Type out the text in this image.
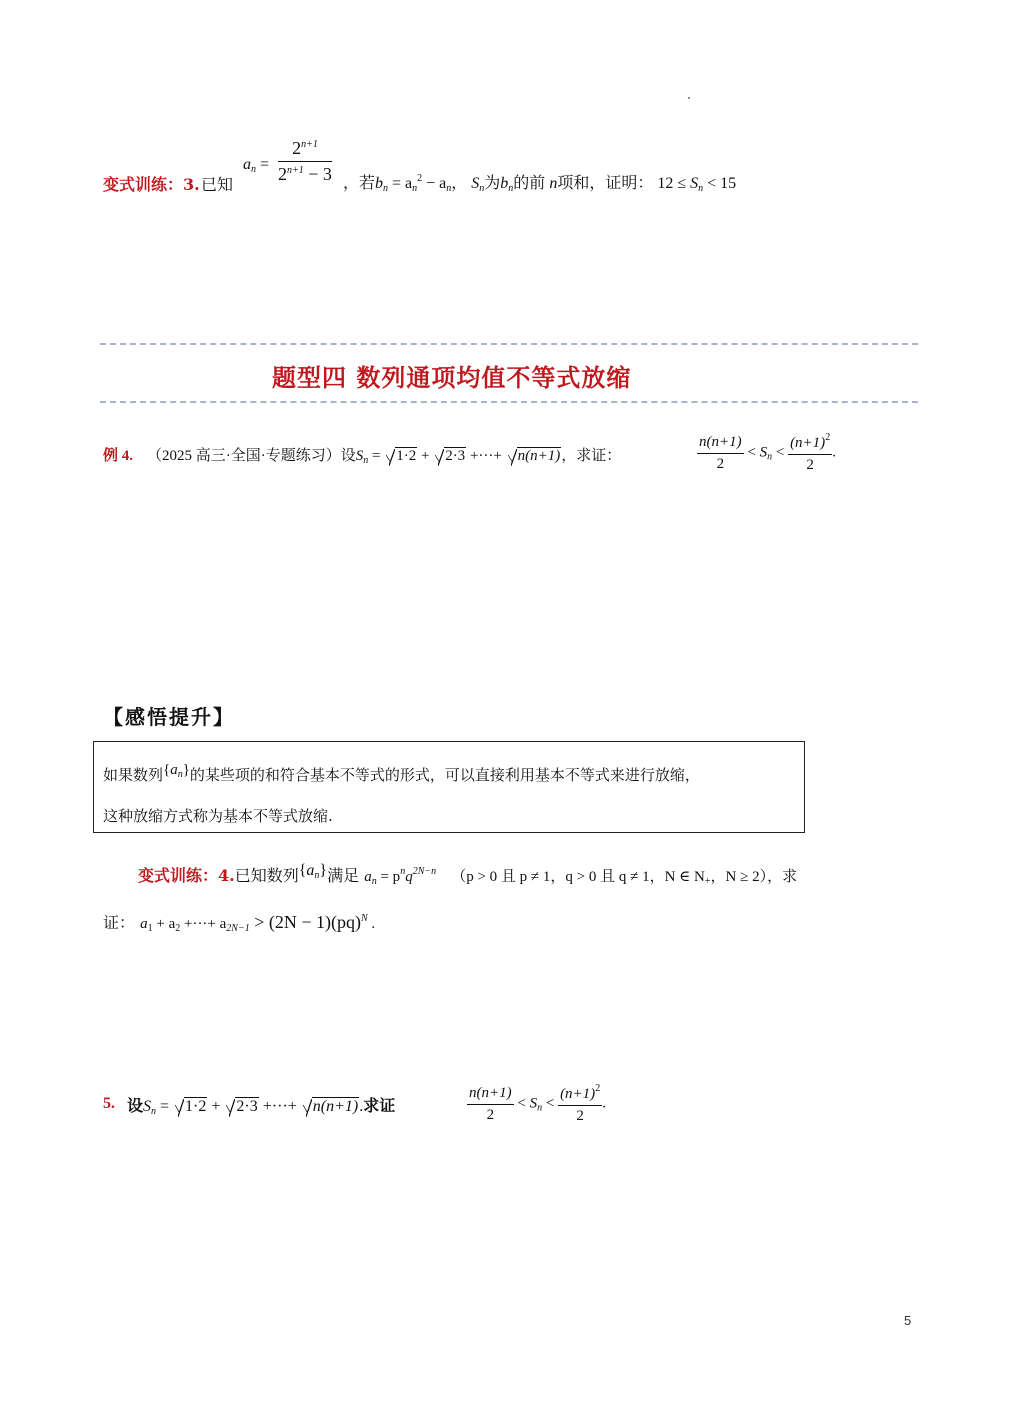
变式训练：3. 已知
$a_n = \frac{2^{n+1}}{2^{n+1} - 3}$ ，若$b_n = a_n^2 - a_n$， $S_n$为$b_n$的前 n项和，证明： $12 \le S_n < 15$
题型四 数列通项均值不等式放缩
例 4. （2025 高三·全国·专题练习）设$S_n = 1\cdot 2 + 2\cdot 3$ +···+ n(n+1)，求证：	$\frac{n(n+1)}{2} < S_n < \frac{(n+1)^2}{2}$ .
【感悟提升】
如果数列$\{a_n\}$的某些项的和符合基本不等式的形式，可以直接利用基本不等式来进行放缩，
这种放缩方式称为基本不等式放缩.
变式训练：4.已知数列$\{a_n\}$满足 $a_n = p^nq^{2N-n}$ （p > 0 且 p ≠ 1，q > 0 且 q ≠ 1，N ∈ $N_+$，N ≥ 2），求
证： $a_1 + a_2$ +···+ $a_{2N-1} > (2N - 1)(pq)^N$ .
5. 设$S_n = 1\cdot 2 + 2\cdot 3$ +···+ n(n+1).求证	$\frac{n(n+1)}{2} < S_n < \frac{(n+1)^2}{2}$ .
5
